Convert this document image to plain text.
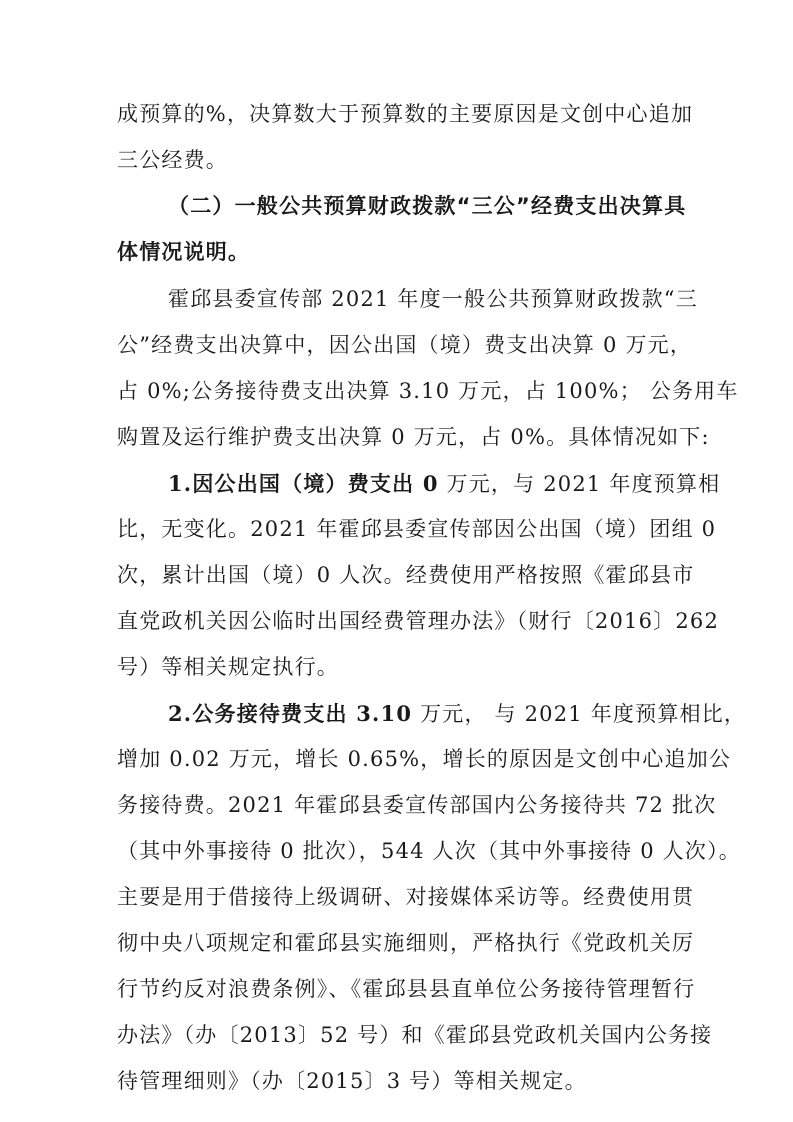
成预算的%，决算数大于预算数的主要原因是文创中心追加
三公经费。
（二）一般公共预算财政拨款“三公”经费支出决算具
体情况说明。
霍邱县委宣传部 2021 年度一般公共预算财政拨款“三
公”经费支出决算中，因公出国（境）费支出决算 0 万元，
占 0%;公务接待费支出决算 3.10 万元，占 100%； 公务用车
购置及运行维护费支出决算 0 万元，占 0%。具体情况如下:
1.因公出国（境）费支出 0 万元，与 2021 年度预算相
比，无变化。2021 年霍邱县委宣传部因公出国（境）团组 0
次，累计出国（境）0 人次。经费使用严格按照《霍邱县市
直党政机关因公临时出国经费管理办法》（财行〔2016〕262
号）等相关规定执行。
2.公务接待费支出 3.10 万元， 与 2021 年度预算相比，
增加 0.02 万元，增长 0.65%，增长的原因是文创中心追加公
务接待费。2021 年霍邱县委宣传部国内公务接待共 72 批次
（其中外事接待 0 批次），544 人次（其中外事接待 0 人次）。
主要是用于借接待上级调研、对接媒体采访等。经费使用贯
彻中央八项规定和霍邱县实施细则，严格执行《党政机关厉
行节约反对浪费条例》、《霍邱县县直单位公务接待管理暂行
办法》（办〔2013〕52 号）和《霍邱县党政机关国内公务接
待管理细则》（办〔2015〕3 号）等相关规定。
